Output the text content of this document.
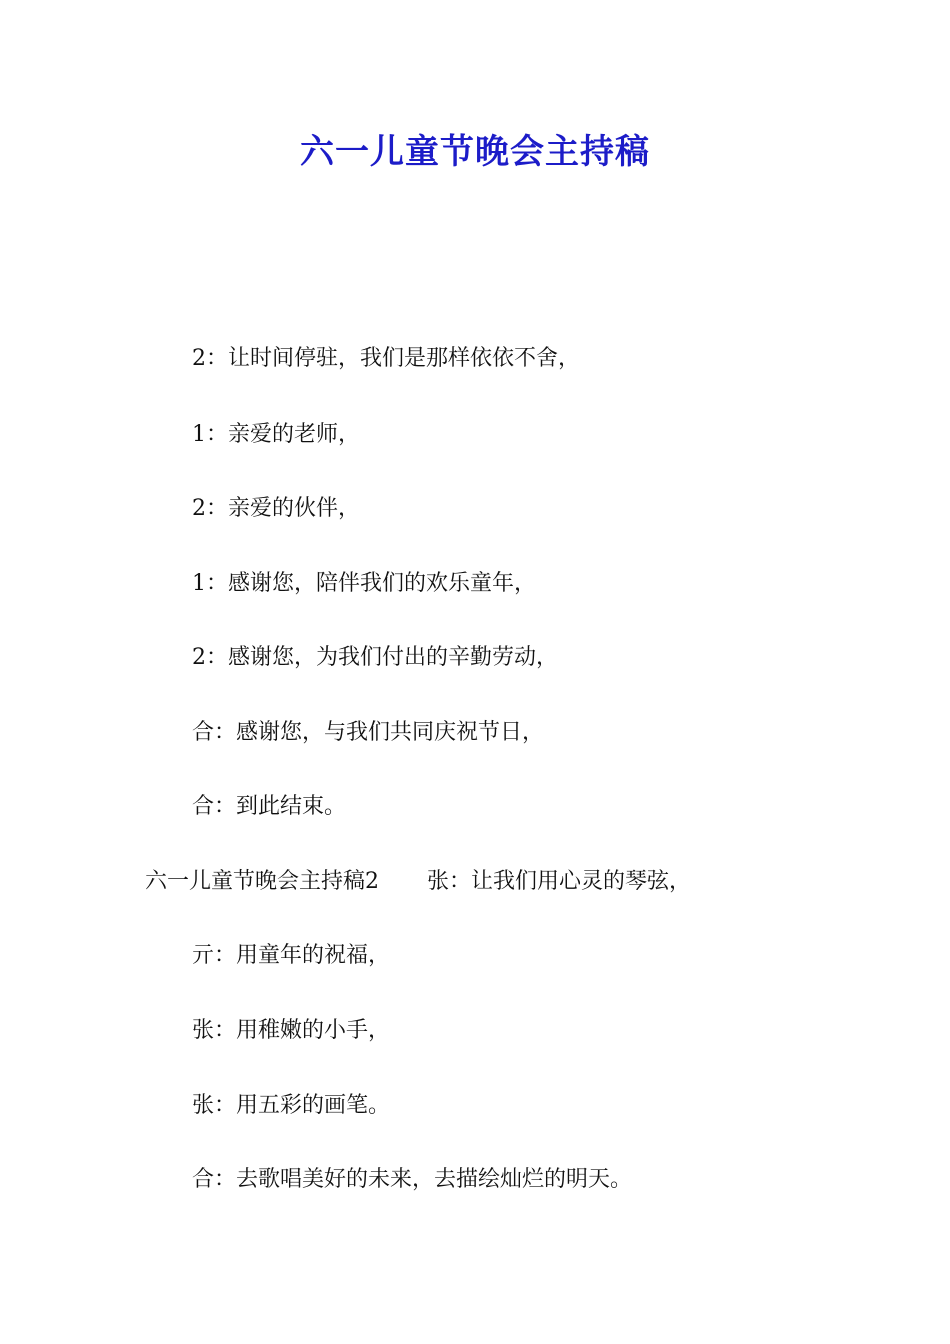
六一儿童节晚会主持稿
2：让时间停驻，我们是那样依依不舍，
1：亲爱的老师，
2：亲爱的伙伴，
1：感谢您，陪伴我们的欢乐童年，
2：感谢您，为我们付出的辛勤劳动，
合：感谢您，与我们共同庆祝节日，
合：到此结束。
六一儿童节晚会主持稿2 张：让我们用心灵的琴弦，
亓：用童年的祝福，
张：用稚嫩的小手，
张：用五彩的画笔。
合：去歌唱美好的未来，去描绘灿烂的明天。
